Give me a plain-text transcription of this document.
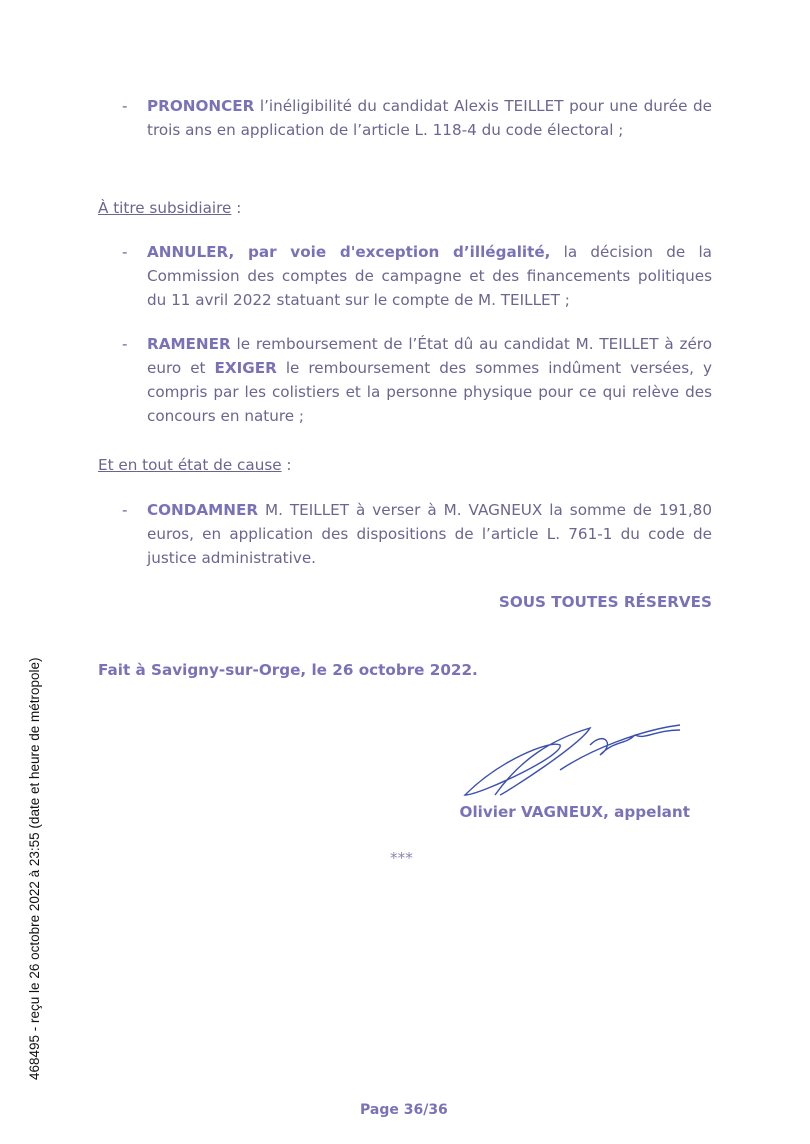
- PRONONCER l’inéligibilité du candidat Alexis TEILLET pour une durée de trois ans en application de l’article L. 118-4 du code électoral ;
À titre subsidiaire :
- ANNULER, par voie d'exception d’illégalité, la décision de la Commission des comptes de campagne et des financements politiques du 11 avril 2022 statuant sur le compte de M. TEILLET ;
- RAMENER le remboursement de l’État dû au candidat M. TEILLET à zéro euro et EXIGER le remboursement des sommes indûment versées, y compris par les colistiers et la personne physique pour ce qui relève des concours en nature ;
Et en tout état de cause :
- CONDAMNER M. TEILLET à verser à M. VAGNEUX la somme de 191,80 euros, en application des dispositions de l’article L. 761-1 du code de justice administrative.
SOUS TOUTES RÉSERVES
Fait à Savigny-sur-Orge, le 26 octobre 2022.
Olivier VAGNEUX, appelant
***
Page 36/36
468495 - reçu le 26 octobre 2022 à 23:55 (date et heure de métropole)
